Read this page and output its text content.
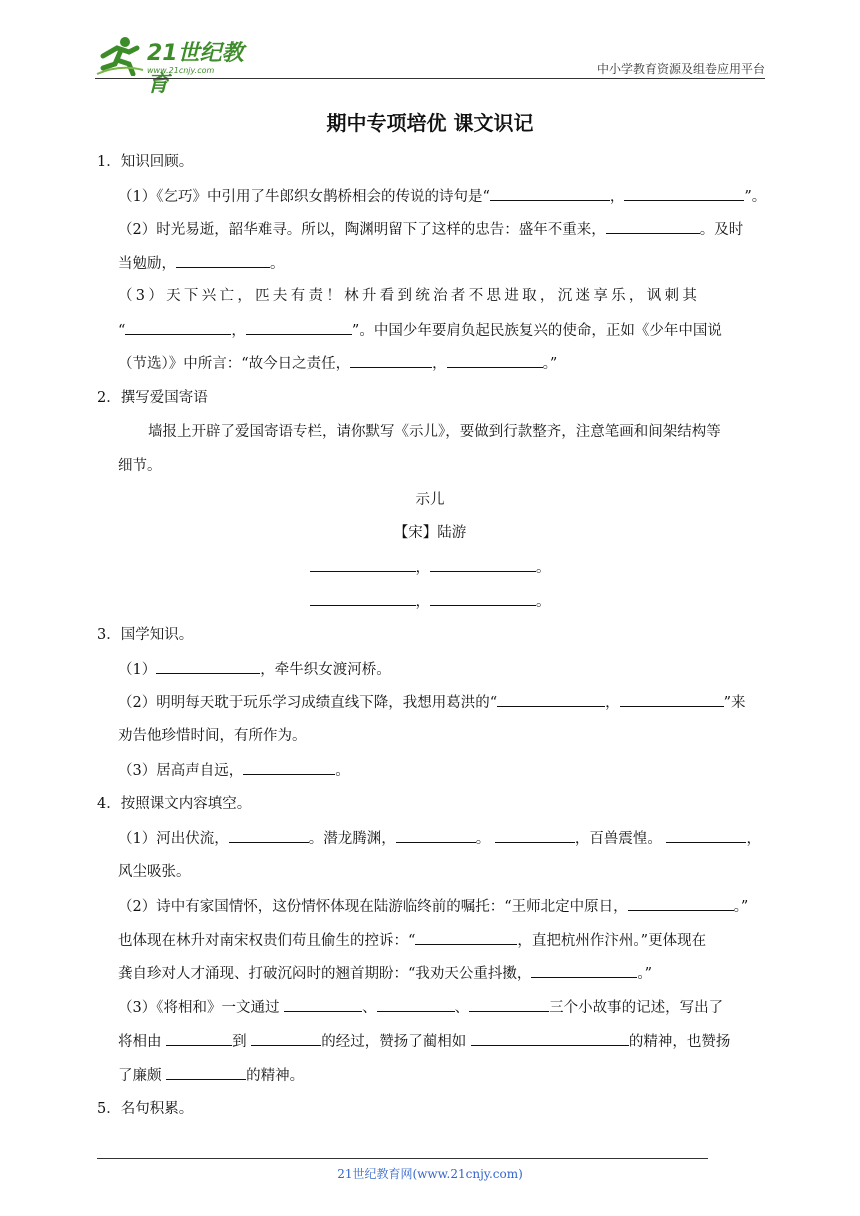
21世纪教育
www.21cnjy.com	中小学教育资源及组卷应用平台
期中专项培优 课文识记
1．知识回顾。
（1）《乞巧》中引用了牛郎织女鹊桥相会的传说的诗句是“	，	”。
（2）时光易逝，韶华难寻。所以，陶渊明留下了这样的忠告：盛年不重来，	。及时
当勉励，	。
（3）天下兴亡，匹夫有责！林升看到统治者不思进取，沉迷享乐，讽刺其
“	，	”。中国少年要肩负起民族复兴的使命，正如《少年中国说
（节选）》中所言：“故今日之责任，	，	。”
2．撰写爱国寄语
墙报上开辟了爱国寄语专栏，请你默写《示儿》，要做到行款整齐，注意笔画和间架结构等
细节。
示儿
【宋】陆游
，	。
，	。
3．国学知识。
（1）	，牵牛织女渡河桥。
（2）明明每天耽于玩乐学习成绩直线下降，我想用葛洪的“	，	”来
劝告他珍惜时间，有所作为。
（3）居高声自远，	。
4．按照课文内容填空。
（1）河出伏流，	。潜龙腾渊，	。	，百兽震惶。	，
风尘吸张。
（2）诗中有家国情怀，这份情怀体现在陆游临终前的嘱托：“王师北定中原日，	。”
也体现在林升对南宋权贵们苟且偷生的控诉：“	，直把杭州作汴州。”更体现在
龚自珍对人才涌现、打破沉闷时的翘首期盼：“我劝天公重抖擞，	。”
（3）《将相和》一文通过	、	、	三个小故事的记述，写出了
将相由	到	的经过，赞扬了蔺相如	的精神，也赞扬
了廉颇	的精神。
5．名句积累。
21世纪教育网(www.21cnjy.com)
